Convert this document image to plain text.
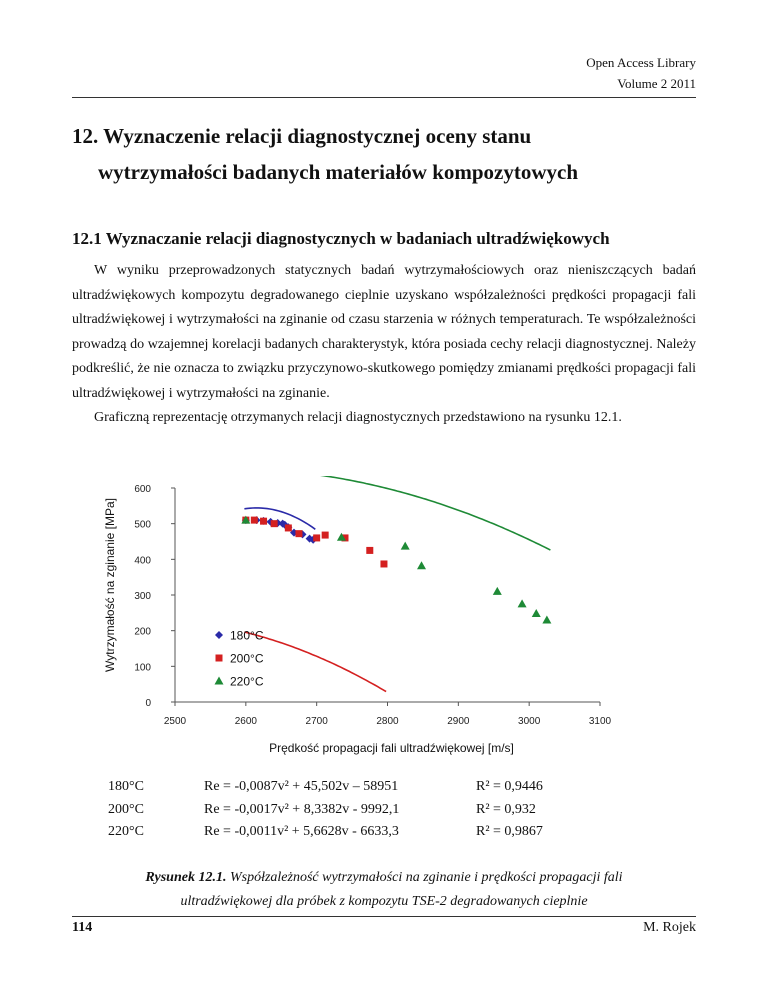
Open Access Library
Volume 2 2011
12. Wyznaczenie relacji diagnostycznej oceny stanu
wytrzymałości badanych materiałów kompozytowych
12.1 Wyznaczanie relacji diagnostycznych w badaniach ultradźwiękowych

W wyniku przeprowadzonych statycznych badań wytrzymałościowych oraz nieniszczących badań ultradźwiękowych kompozytu degradowanego cieplnie uzyskano współzależności prędkości propagacji fali ultradźwiękowej i wytrzymałości na zginanie od czasu starzenia w różnych temperaturach. Te współzależności prowadzą do wzajemnej korelacji badanych charakterystyk, która posiada cechy relacji diagnostycznej. Należy podkreślić, że nie oznacza to związku przyczynowo-skutkowego pomiędzy zmianami prędkości propagacji fali ultradźwiękowej i wytrzymałości na zginanie.

Graficzną reprezentację otrzymanych relacji diagnostycznych przedstawiono na rysunku 12.1.

0
100
200
300
400
500
600
2500	2600	2700	2800	2900	3000	3100
Prędkość propagacji fali ultradźwiękowej [m/s]
Wytrzymałość na zginanie [MPa]	180°C
200°C
220°C
180°C	Re = -0,0087v² + 45,502v – 58951	R² = 0,9446
200°C	Re = -0,0017v² + 8,3382v - 9992,1	R² = 0,932
220°C	Re = -0,0011v² + 5,6628v - 6633,3	R² = 0,9867
Rysunek 12.1. Współzależność wytrzymałości na zginanie i prędkości propagacji fali
ultradźwiękowej dla próbek z kompozytu TSE-2 degradowanych cieplnie
114	M. Rojek
